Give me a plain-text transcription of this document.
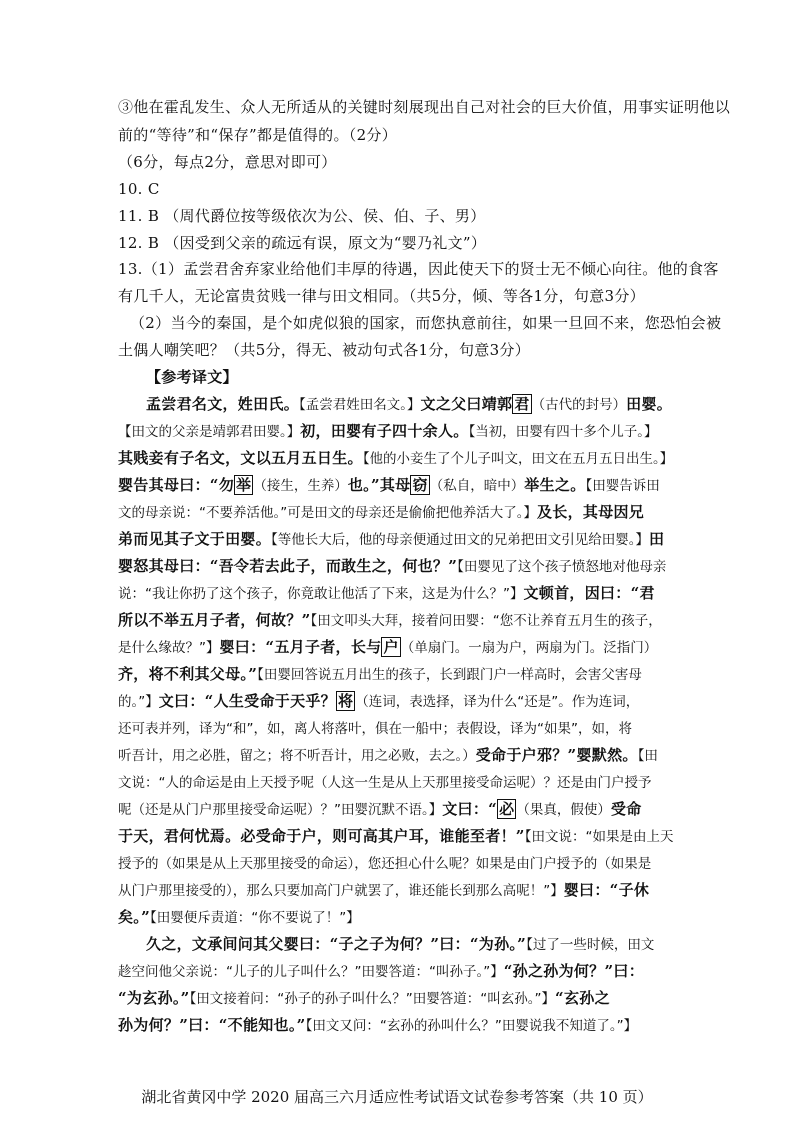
③他在霍乱发生、众人无所适从的关键时刻展现出自己对社会的巨大价值，用事实证明他以
前的“等待”和“保存”都是值得的。（2分）
（6分，每点2分，意思对即可）
10. C
11. B （周代爵位按等级依次为公、侯、伯、子、男）
12. B （因受到父亲的疏远有误，原文为“婴乃礼文”）
13.（1）孟尝君舍弃家业给他们丰厚的待遇，因此使天下的贤士无不倾心向往。他的食客
有几千人，无论富贵贫贱一律与田文相同。（共5分，倾、等各1分，句意3分）
（2）当今的秦国，是个如虎似狼的国家，而您执意前往，如果一旦回不来，您恐怕会被
土偶人嘲笑吧？（共5分，得无、被动句式各1分，句意3分）
【参考译文】
孟尝君名文，姓田氏。【孟尝君姓田名文。】文之父曰靖郭 君 （古代的封号）田婴。
【田文的父亲是靖郭君田婴。】初，田婴有子四十余人。【当初，田婴有四十多个儿子。】
其贱妾有子名文，文以五月五日生。【他的小妾生了个儿子叫文，田文在五月五日出生。】
婴告其母曰：“勿 举 （接生，生养）也。”其母 窃 （私自，暗中）举生之。【田婴告诉田
文的母亲说：“不要养活他。”可是田文的母亲还是偷偷把他养活大了。】及长，其母因兄
弟而见其子文于田婴。【等他长大后，他的母亲便通过田文的兄弟把田文引见给田婴。】田
婴怒其母曰：“吾令若去此子，而敢生之，何也？”【田婴见了这个孩子愤怒地对他母亲
说：“我让你扔了这个孩子，你竟敢让他活了下来，这是为什么？”】文顿首，因曰：“君
所以不举五月子者，何故？”【田文叩头大拜，接着问田婴：“您不让养育五月生的孩子，
是什么缘故？”】婴曰：“五月子者，长与 户 （单扇门。一扇为户，两扇为门。泛指门）
齐，将不利其父母。”【田婴回答说五月出生的孩子，长到跟门户一样高时，会害父害母
的。”】文曰：“人生受命于天乎？ 将 （连词，表选择，译为什么“还是”。作为连词，
还可表并列，译为“和”，如，离人将落叶，俱在一船中；表假设，译为“如果”，如，将
听吾计，用之必胜，留之；将不听吾计，用之必败，去之。）受命于户邪？”婴默然。【田
文说：“人的命运是由上天授予呢（人这一生是从上天那里接受命运呢）？还是由门户授予
呢（还是从门户那里接受命运呢）？”田婴沉默不语。】文曰：“ 必 （果真，假使）受命
于天，君何忧焉。必受命于户，则可高其户耳，谁能至者！”【田文说：“如果是由上天
授予的（如果是从上天那里接受的命运），您还担心什么呢？如果是由门户授予的（如果是
从门户那里接受的），那么只要加高门户就罢了，谁还能长到那么高呢！”】婴曰：“子休
矣。”【田婴便斥责道：“你不要说了！”】
久之，文承间问其父婴曰：“子之子为何？”曰：“为孙。”【过了一些时候，田文
趁空问他父亲说：“儿子的儿子叫什么？”田婴答道：“叫孙子。”】“孙之孙为何？”曰：
“为玄孙。”【田文接着问：“孙子的孙子叫什么？”田婴答道：“叫玄孙。”】“玄孙之
孙为何？”曰：“不能知也。”【田文又问：“玄孙的孙叫什么？”田婴说我不知道了。”】
湖北省黄冈中学 2020 届高三六月适应性考试语文试卷参考答案（共 10 页）
